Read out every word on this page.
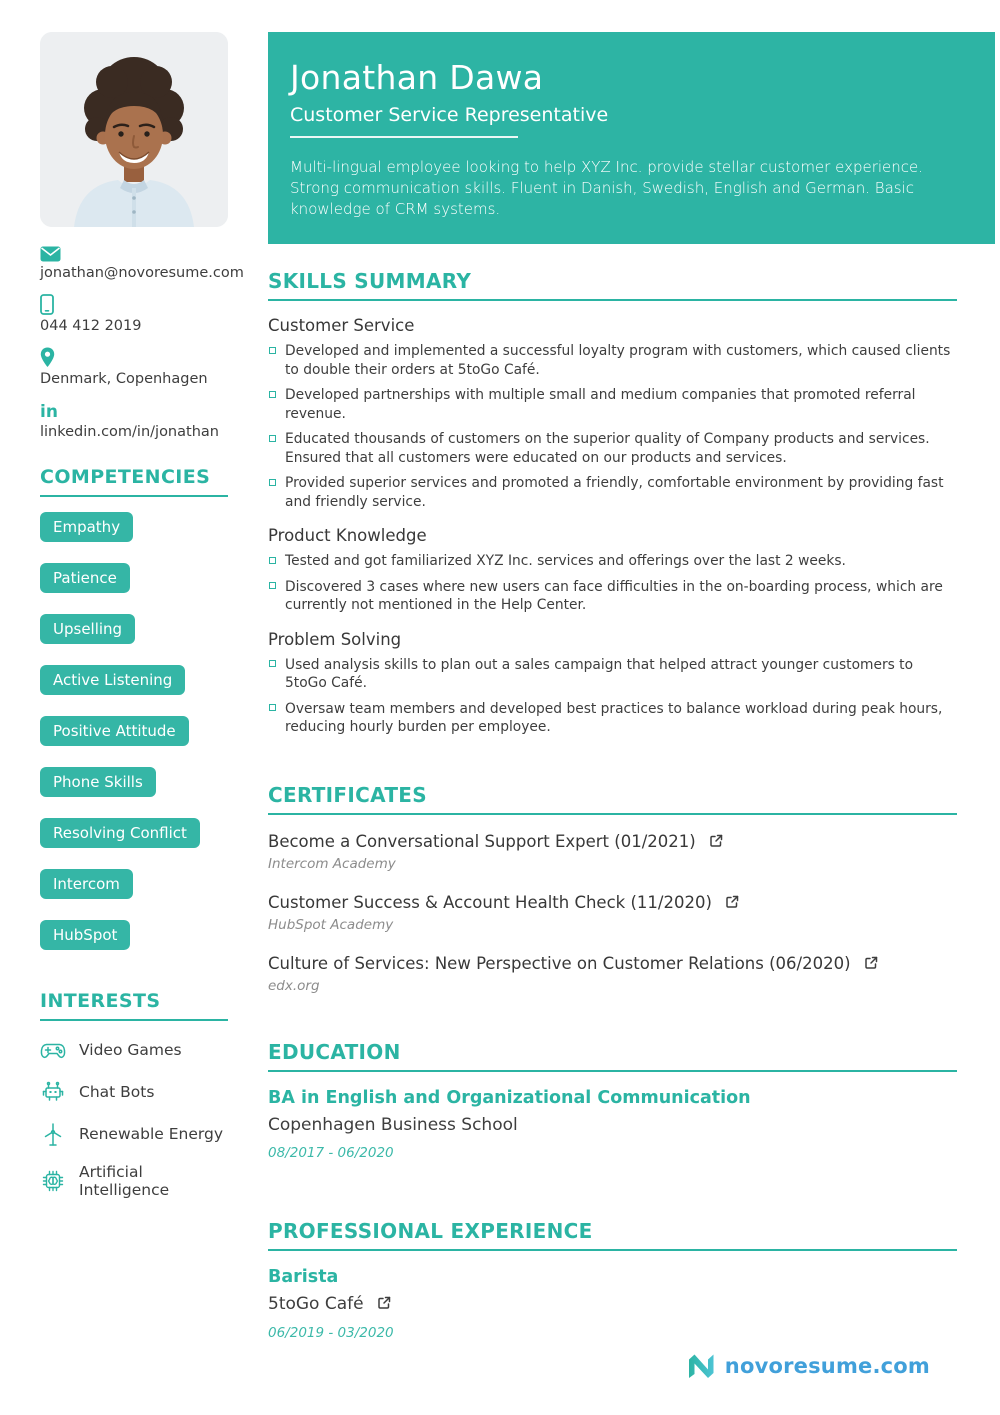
jonathan@novoresume.com
044 412 2019
Denmark, Copenhagen
in
linkedin.com/in/jonathan
COMPETENCIES
Empathy
Patience
Upselling
Active Listening
Positive Attitude
Phone Skills
Resolving Conflict
Intercom
HubSpot
INTERESTS
Video Games
Chat Bots
Renewable Energy
Artificial Intelligence
Jonathan Dawa
Customer Service Representative
Multi-lingual employee looking to help XYZ Inc. provide stellar customer experience. Strong communication skills. Fluent in Danish, Swedish, English and German. Basic knowledge of CRM systems.
SKILLS SUMMARY
Customer Service
Developed and implemented a successful loyalty program with customers, which caused clients to double their orders at 5toGo Café.
Developed partnerships with multiple small and medium companies that promoted referral revenue.
Educated thousands of customers on the superior quality of Company products and services. Ensured that all customers were educated on our products and services.
Provided superior services and promoted a friendly, comfortable environment by providing fast and friendly service.
Product Knowledge
Tested and got familiarized XYZ Inc. services and offerings over the last 2 weeks.
Discovered 3 cases where new users can face difficulties in the on-boarding process, which are currently not mentioned in the Help Center.
Problem Solving
Used analysis skills to plan out a sales campaign that helped attract younger customers to 5toGo Café.
Oversaw team members and developed best practices to balance workload during peak hours, reducing hourly burden per employee.
CERTIFICATES
Become a Conversational Support Expert (01/2021)
Intercom Academy
Customer Success & Account Health Check (11/2020)
HubSpot Academy
Culture of Services: New Perspective on Customer Relations (06/2020)
edx.org
EDUCATION
BA in English and Organizational Communication
Copenhagen Business School
08/2017 - 06/2020
PROFESSIONAL EXPERIENCE
Barista
5toGo Café
06/2019 - 03/2020
novoresume.com
